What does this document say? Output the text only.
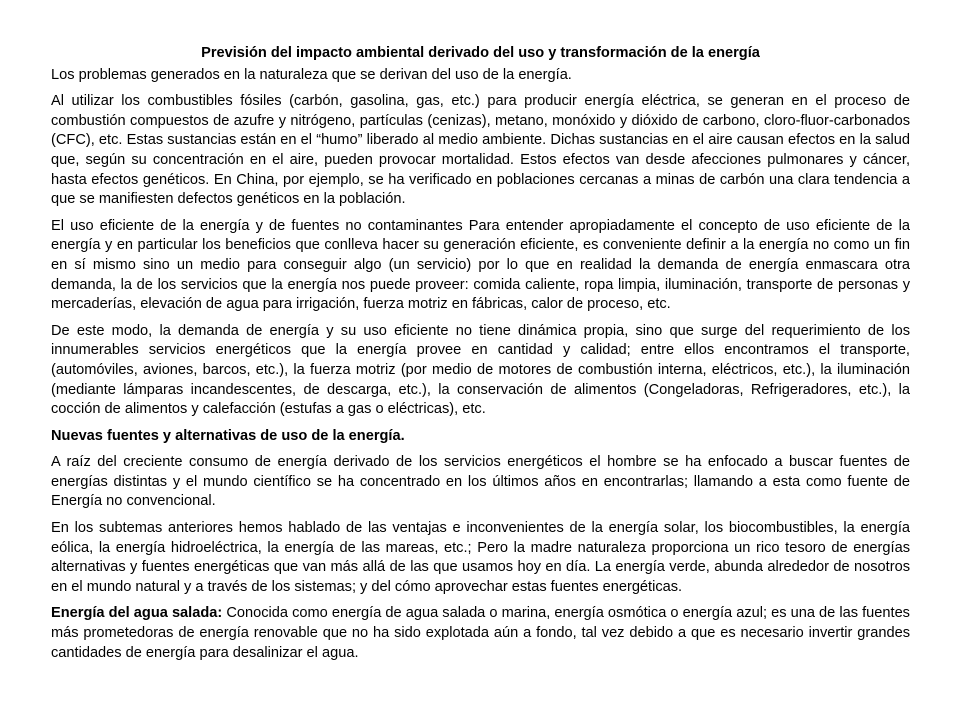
Previsión del impacto ambiental derivado del uso y transformación de la energía

Los problemas generados en la naturaleza que se derivan del uso de la energía.

Al utilizar los combustibles fósiles (carbón, gasolina, gas, etc.) para producir energía eléctrica, se generan en el proceso de combustión compuestos de azufre y nitrógeno, partículas (cenizas), metano, monóxido y dióxido de carbono, cloro-fluor-carbonados (CFC), etc. Estas sustancias están en el “humo” liberado al medio ambiente. Dichas sustancias en el aire causan efectos en la salud que, según su concentración en el aire, pueden provocar mortalidad. Estos efectos van desde afecciones pulmonares y cáncer, hasta efectos genéticos. En China, por ejemplo, se ha verificado en poblaciones cercanas a minas de carbón una clara tendencia a que se manifiesten defectos genéticos en la población.

El uso eficiente de la energía y de fuentes no contaminantes Para entender apropiadamente el concepto de uso eficiente de la energía y en particular los beneficios que conlleva hacer su generación eficiente, es conveniente definir a la energía no como un fin en sí mismo sino un medio para conseguir algo (un servicio) por lo que en realidad la demanda de energía enmascara otra demanda, la de los servicios que la energía nos puede proveer: comida caliente, ropa limpia, iluminación, transporte de personas y mercaderías, elevación de agua para irrigación, fuerza motriz en fábricas, calor de proceso, etc.

De este modo, la demanda de energía y su uso eficiente no tiene dinámica propia, sino que surge del requerimiento de los innumerables servicios energéticos que la energía provee en cantidad y calidad; entre ellos encontramos el transporte, (automóviles, aviones, barcos, etc.), la fuerza motriz (por medio de motores de combustión interna, eléctricos, etc.), la iluminación (mediante lámparas incandescentes, de descarga, etc.), la conservación de alimentos (Congeladoras, Refrigeradores, etc.), la cocción de alimentos y calefacción (estufas a gas o eléctricas), etc.

Nuevas fuentes y alternativas de uso de la energía.

A raíz del creciente consumo de energía derivado de los servicios energéticos el hombre se ha enfocado a buscar fuentes de energías distintas y el mundo científico se ha concentrado en los últimos años en encontrarlas; llamando a esta como fuente de Energía no convencional.

En los subtemas anteriores hemos hablado de las ventajas e inconvenientes de la energía solar, los biocombustibles, la energía eólica, la energía hidroeléctrica, la energía de las mareas, etc.; Pero la madre naturaleza proporciona un rico tesoro de energías alternativas y fuentes energéticas que van más allá de las que usamos hoy en día. La energía verde, abunda alrededor de nosotros en el mundo natural y a través de los sistemas; y del cómo aprovechar estas fuentes energéticas.

Energía del agua salada: Conocida como energía de agua salada o marina, energía osmótica o energía azul; es una de las fuentes más prometedoras de energía renovable que no ha sido explotada aún a fondo, tal vez debido a que es necesario invertir grandes cantidades de energía para desalinizar el agua.
